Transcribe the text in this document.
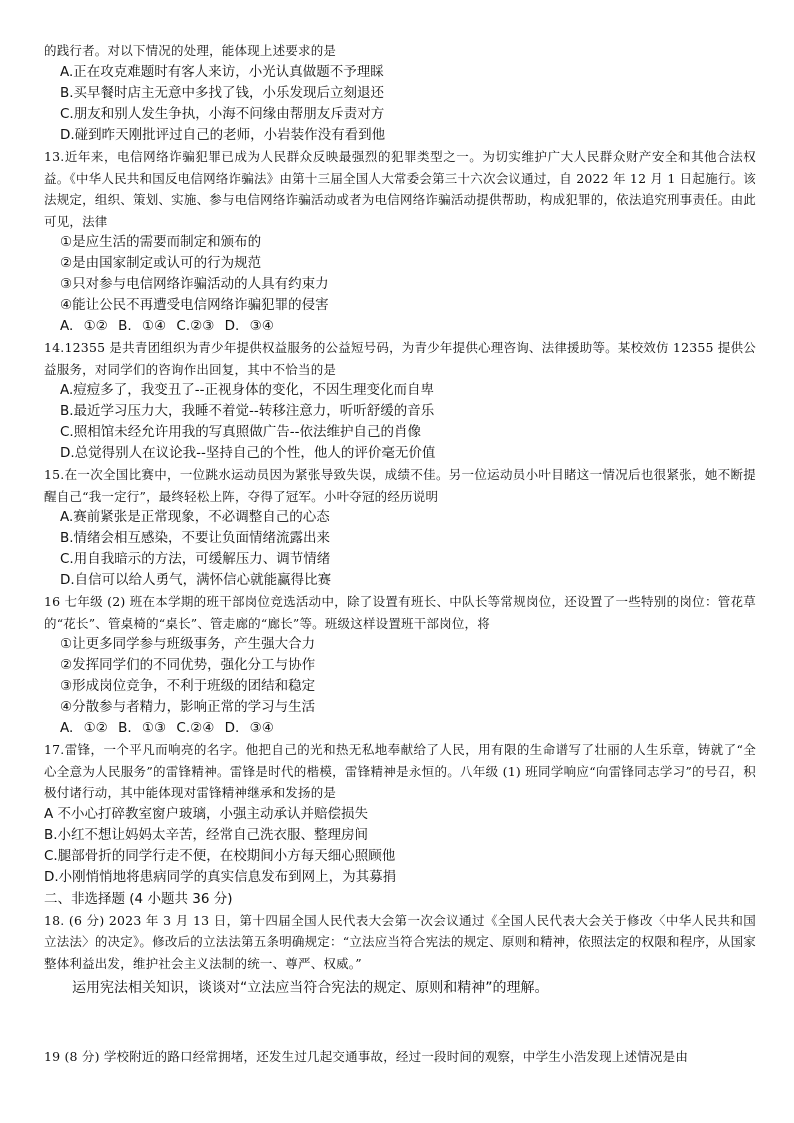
的践行者。对以下情况的处理，能体现上述要求的是
A.正在攻克难题时有客人来访，小光认真做题不予理睬
B.买早餐时店主无意中多找了钱，小乐发现后立刻退还
C.朋友和别人发生争执，小海不问缘由帮朋友斥责对方
D.碰到昨天刚批评过自己的老师，小岩装作没有看到他
13.近年来，电信网络诈骗犯罪已成为人民群众反映最强烈的犯罪类型之一。为切实维护广大人民群众财产安全和其他合法权益。《中华人民共和国反电信网络诈骗法》由第十三届全国人大常委会第三十六次会议通过，自 2022 年 12 月 1 日起施行。该法规定，组织、策划、实施、参与电信网络诈骗活动或者为电信网络诈骗活动提供帮助，构成犯罪的，依法追究刑事责任。由此可见，法律
①是应生活的需要而制定和颁布的
②是由国家制定或认可的行为规范
③只对参与电信网络诈骗活动的人具有约束力
④能让公民不再遭受电信网络诈骗犯罪的侵害
A. ①② B. ①④ C.②③ D. ③④
14.12355 是共青团组织为青少年提供权益服务的公益短号码，为青少年提供心理咨询、法律援助等。某校效仿 12355 提供公益服务，对同学们的咨询作出回复，其中不恰当的是
A.痘痘多了，我变丑了--正视身体的变化，不因生理变化而自卑
B.最近学习压力大，我睡不着觉--转移注意力，听听舒缓的音乐
C.照相馆未经允许用我的写真照做广告--依法维护自己的肖像
D.总觉得别人在议论我--坚持自己的个性，他人的评价毫无价值
15.在一次全国比赛中，一位跳水运动员因为紧张导致失误，成绩不佳。另一位运动员小叶目睹这一情况后也很紧张，她不断提醒自己“我一定行”，最终轻松上阵，夺得了冠军。小叶夺冠的经历说明
A.赛前紧张是正常现象，不必调整自己的心态
B.情绪会相互感染，不要让负面情绪流露出来
C.用自我暗示的方法，可缓解压力、调节情绪
D.自信可以给人勇气，满怀信心就能赢得比赛
16 七年级 (2) 班在本学期的班干部岗位竞选活动中，除了设置有班长、中队长等常规岗位，还设置了一些特别的岗位：管花草的“花长”、管桌椅的“桌长”、管走廊的“廊长”等。班级这样设置班干部岗位，将
①让更多同学参与班级事务，产生强大合力
②发挥同学们的不同优势，强化分工与协作
③形成岗位竞争，不利于班级的团结和稳定
④分散参与者精力，影响正常的学习与生活
A. ①② B. ①③ C.②④ D. ③④
17.雷锋，一个平凡而响亮的名字。他把自己的光和热无私地奉献给了人民，用有限的生命谱写了壮丽的人生乐章，铸就了“全心全意为人民服务”的雷锋精神。雷锋是时代的楷模，雷锋精神是永恒的。八年级 (1) 班同学响应“向雷锋同志学习”的号召，积极付诸行动，其中能体现对雷锋精神继承和发扬的是
A 不小心打碎教室窗户玻璃，小强主动承认并赔偿损失
B.小红不想让妈妈太辛苦，经常自己洗衣服、整理房间
C.腿部骨折的同学行走不便，在校期间小方每天细心照顾他
D.小刚悄悄地将患病同学的真实信息发布到网上，为其募捐
二、非选择题 (4 小题共 36 分)
18. (6 分) 2023 年 3 月 13 日，第十四届全国人民代表大会第一次会议通过《全国人民代表大会关于修改〈中华人民共和国立法法〉的决定》。修改后的立法法第五条明确规定：“立法应当符合宪法的规定、原则和精神，依照法定的权限和程序，从国家整体利益出发，维护社会主义法制的统一、尊严、权威。”
运用宪法相关知识，谈谈对“立法应当符合宪法的规定、原则和精神”的理解。
19 (8 分) 学校附近的路口经常拥堵，还发生过几起交通事故，经过一段时间的观察，中学生小浩发现上述情况是由
